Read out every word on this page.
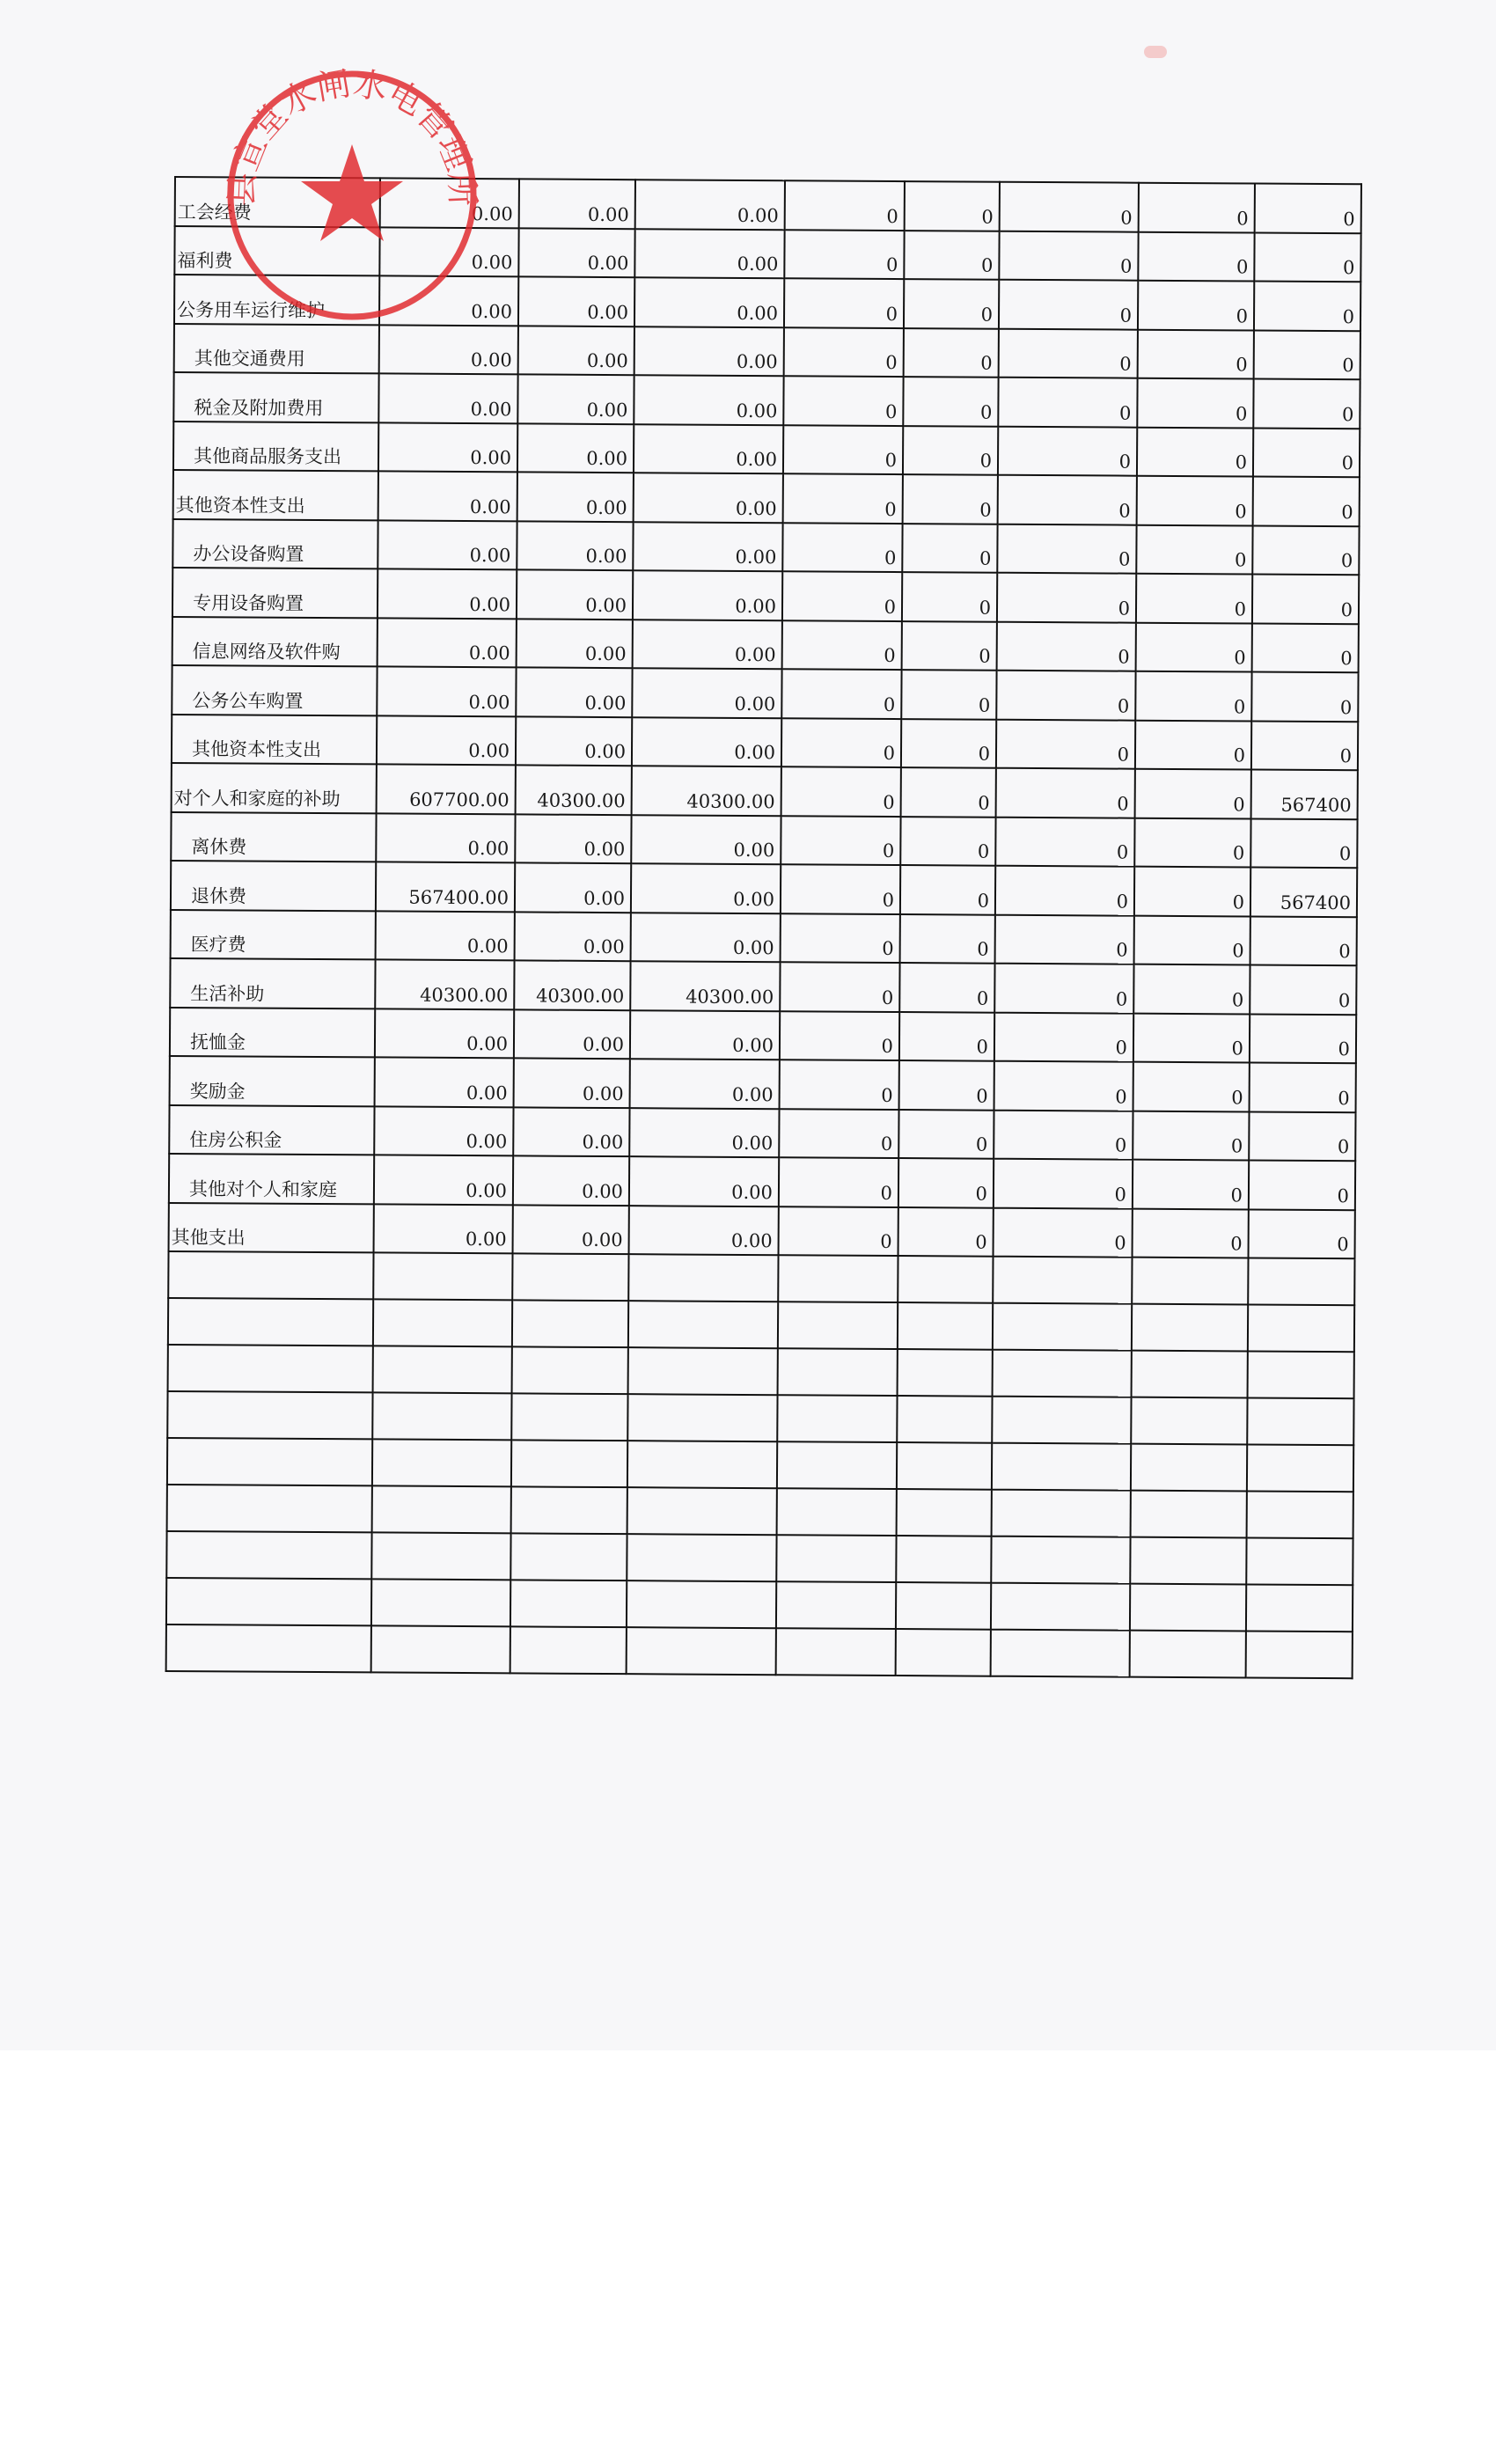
工会经费	0.00	0.00	0.00	0	0	0	0	0
福利费	0.00	0.00	0.00	0	0	0	0	0
公务用车运行维护	0.00	0.00	0.00	0	0	0	0	0
其他交通费用	0.00	0.00	0.00	0	0	0	0	0
税金及附加费用	0.00	0.00	0.00	0	0	0	0	0
其他商品服务支出	0.00	0.00	0.00	0	0	0	0	0
其他资本性支出	0.00	0.00	0.00	0	0	0	0	0
办公设备购置	0.00	0.00	0.00	0	0	0	0	0
专用设备购置	0.00	0.00	0.00	0	0	0	0	0
信息网络及软件购	0.00	0.00	0.00	0	0	0	0	0
公务公车购置	0.00	0.00	0.00	0	0	0	0	0
其他资本性支出	0.00	0.00	0.00	0	0	0	0	0
对个人和家庭的补助	607700.00	40300.00	40300.00	0	0	0	0	567400
离休费	0.00	0.00	0.00	0	0	0	0	0
退休费	567400.00	0.00	0.00	0	0	0	0	567400
医疗费	0.00	0.00	0.00	0	0	0	0	0
生活补助	40300.00	40300.00	40300.00	0	0	0	0	0
抚恤金	0.00	0.00	0.00	0	0	0	0	0
奖励金	0.00	0.00	0.00	0	0	0	0	0
住房公积金	0.00	0.00	0.00	0	0	0	0	0
其他对个人和家庭	0.00	0.00	0.00	0	0	0	0	0
其他支出	0.00	0.00	0.00	0	0	0	0	0

县宣堂水闸水电管理所
